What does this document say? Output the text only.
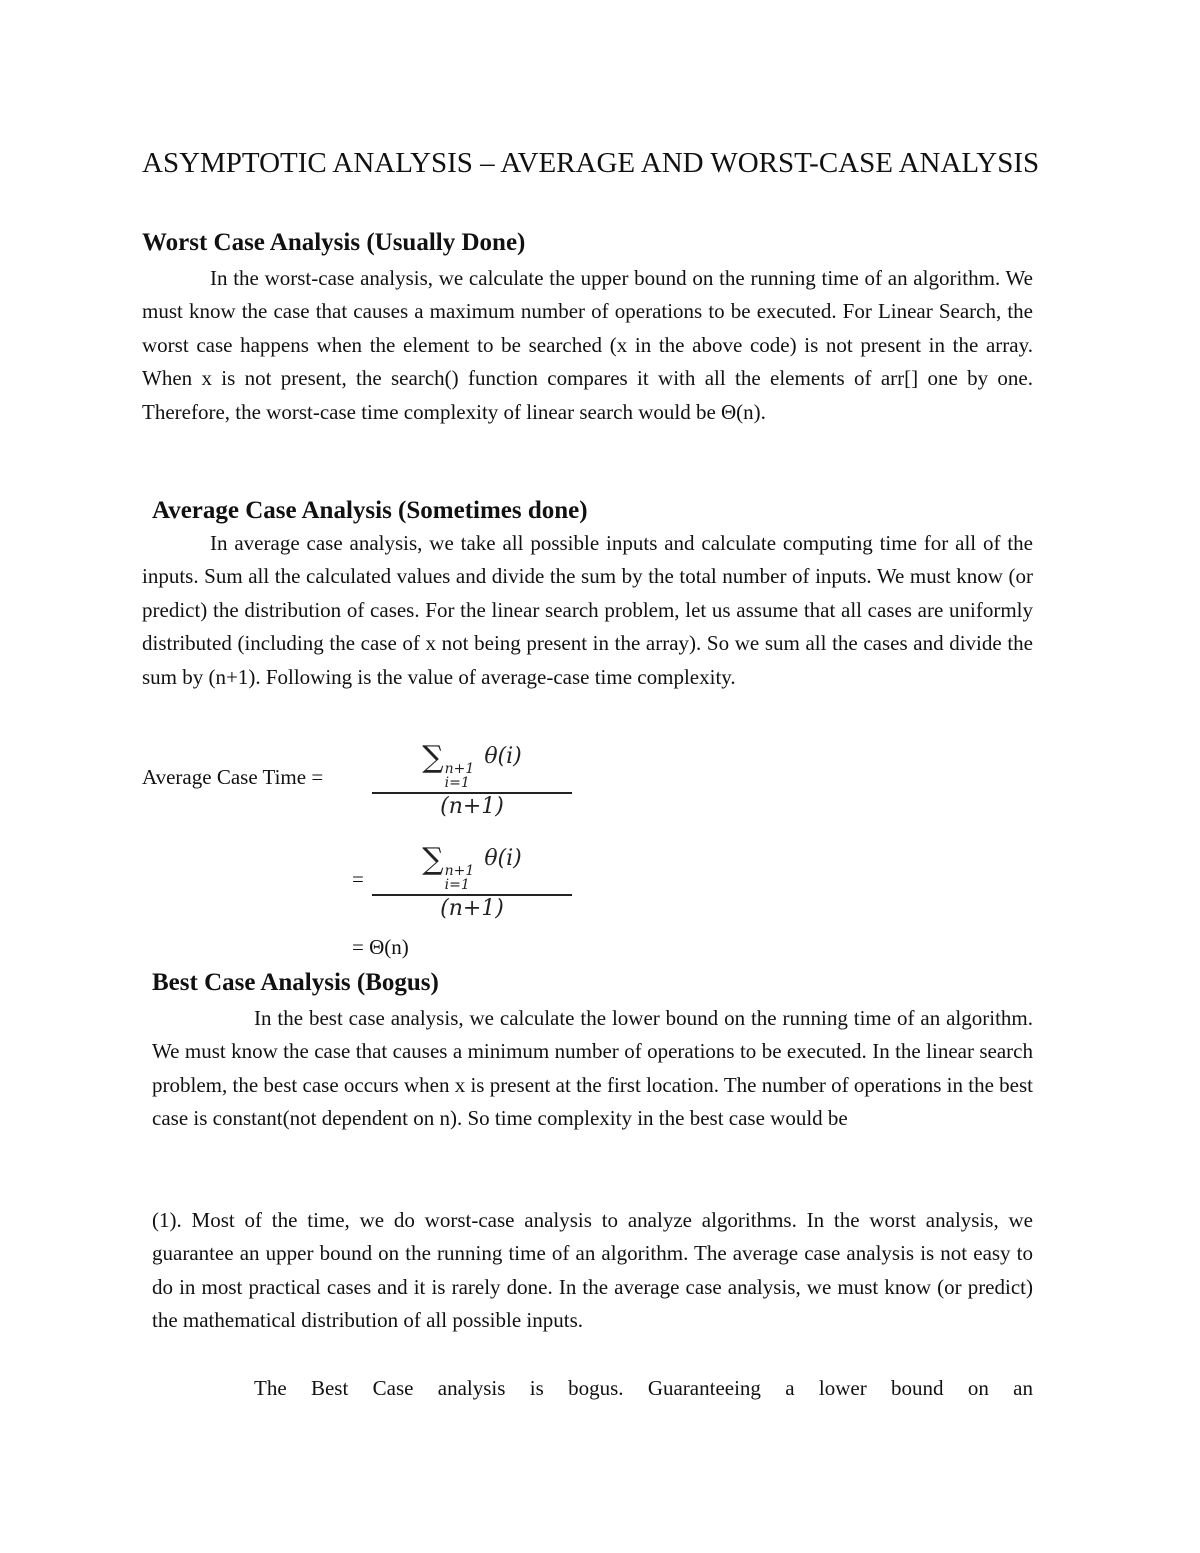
ASYMPTOTIC ANALYSIS – AVERAGE AND WORST-CASE ANALYSIS
Worst Case Analysis (Usually Done)
In the worst-case analysis, we calculate the upper bound on the running time of an algorithm. We must know the case that causes a maximum number of operations to be executed. For Linear Search, the worst case happens when the element to be searched (x in the above code) is not present in the array. When x is not present, the search() function compares it with all the elements of arr[] one by one. Therefore, the worst-case time complexity of linear search would be Θ(n).
Average Case Analysis (Sometimes done)
In average case analysis, we take all possible inputs and calculate computing time for all of the inputs. Sum all the calculated values and divide the sum by the total number of inputs. We must know (or predict) the distribution of cases. For the linear search problem, let us assume that all cases are uniformly distributed (including the case of x not being present in the array). So we sum all the cases and divide the sum by (n+1). Following is the value of average-case time complexity.
Average Case Time =
∑ n+1
i=1
θ(i)
(n+1)
=
∑ n+1
i=1
θ(i)
(n+1)
= Θ(n)
Best Case Analysis (Bogus)
In the best case analysis, we calculate the lower bound on the running time of an algorithm. We must know the case that causes a minimum number of operations to be executed. In the linear search problem, the best case occurs when x is present at the first location. The number of operations in the best case is constant(not dependent on n). So time complexity in the best case would be
(1). Most of the time, we do worst-case analysis to analyze algorithms. In the worst analysis, we guarantee an upper bound on the running time of an algorithm. The average case analysis is not easy to do in most practical cases and it is rarely done. In the average case analysis, we must know (or predict) the mathematical distribution of all possible inputs.
The Best Case analysis is bogus. Guaranteeing a lower bound on an
